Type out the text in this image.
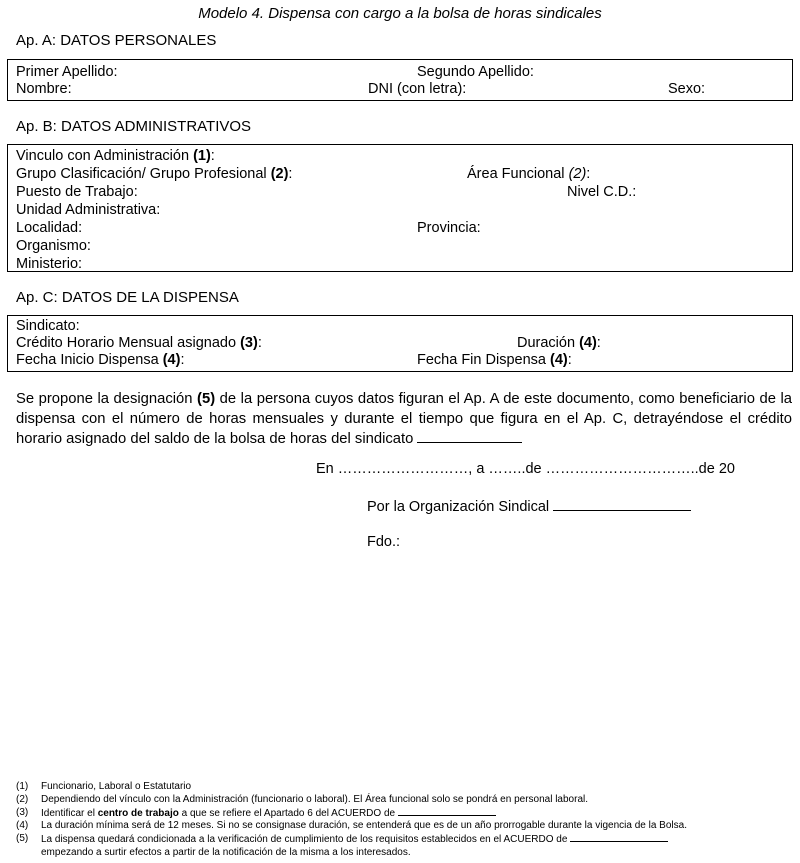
Modelo 4. Dispensa con cargo a la bolsa de horas sindicales
Ap. A: DATOS PERSONALES
Primer Apellido:	Segundo Apellido:
Nombre:	DNI (con letra):	Sexo:
Ap. B: DATOS ADMINISTRATIVOS
Vinculo con Administración (1):
Grupo Clasificación/ Grupo Profesional (2):	Área Funcional (2):
Puesto de Trabajo:	Nivel C.D.:
Unidad Administrativa:
Localidad:	Provincia:
Organismo:
Ministerio:
Ap. C: DATOS DE LA DISPENSA
Sindicato:
Crédito Horario Mensual asignado (3):	Duración (4):
Fecha Inicio Dispensa (4):	Fecha Fin Dispensa (4):
Se propone la designación (5) de la persona cuyos datos figuran el Ap. A de este documento, como beneficiario de la dispensa con el número de horas mensuales y durante el tiempo que figura en el Ap. C, detrayéndose el crédito horario asignado del saldo de la bolsa de horas del sindicato
En ………………………, a ……..de …………………………..de 20
Por la Organización Sindical
Fdo.:
(1) Funcionario, Laboral o Estatutario
(2) Dependiendo del vínculo con la Administración (funcionario o laboral). El Área funcional solo se pondrá en personal laboral.
(3) Identificar el centro de trabajo a que se refiere el Apartado 6 del ACUERDO de
(4) La duración mínima será de 12 meses. Si no se consignase duración, se entenderá que es de un año prorrogable durante la vigencia de la Bolsa.
(5) La dispensa quedará condicionada a la verificación de cumplimiento de los requisitos establecidos en el ACUERDO de
empezando a surtir efectos a partir de la notificación de la misma a los interesados.
